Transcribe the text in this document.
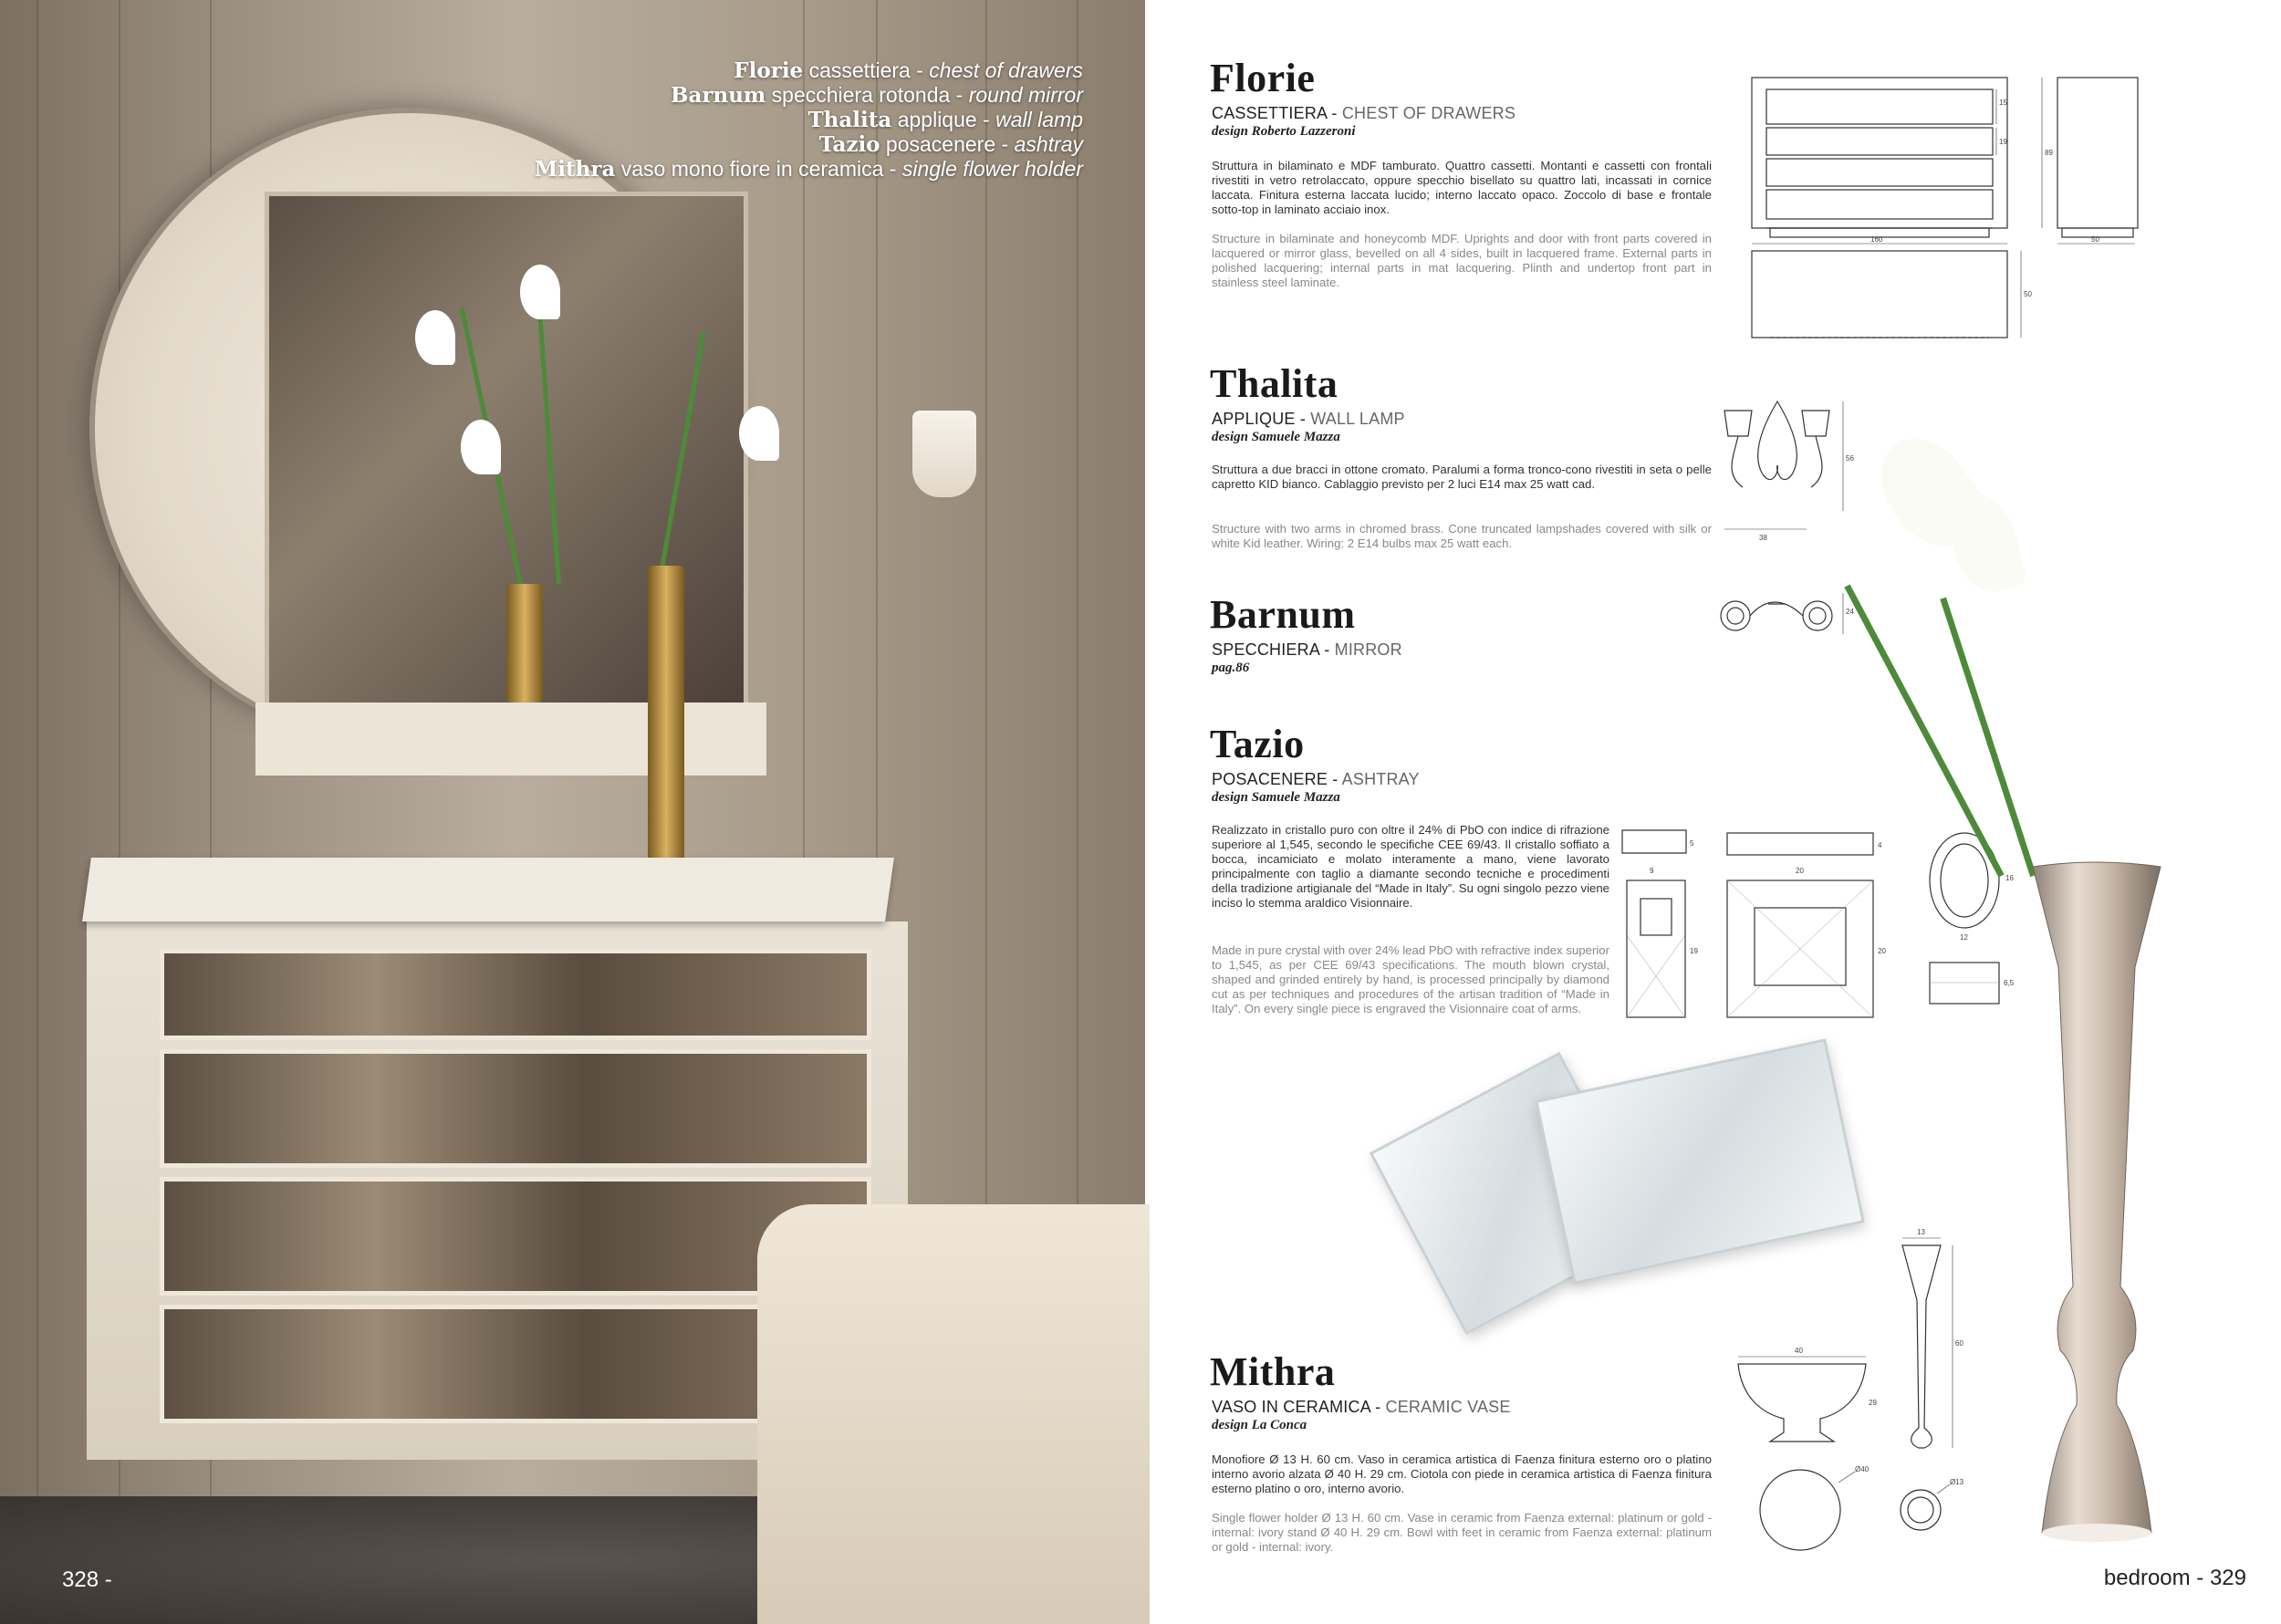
Florie cassettiera - chest of drawers
Barnum specchiera rotonda - round mirror
Thalita applique - wall lamp
Tazio posacenere - ashtray
Mithra vaso mono fiore in ceramica - single flower holder
328 -
Florie
CASSETTIERA - CHEST OF DRAWERS
design Roberto Lazzeroni
Struttura in bilaminato e MDF tamburato. Quattro cassetti. Montanti e cassetti con frontali rivestiti in vetro retrolaccato, oppure specchio bisellato su quattro lati, incassati in cornice laccata. Finitura esterna laccata lucido; interno laccato opaco. Zoccolo di base e frontale sotto-top in laminato acciaio inox.
Structure in bilaminate and honeycomb MDF. Uprights and door with front parts covered in lacquered or mirror glass, bevelled on all 4 sides, built in lacquered frame. External parts in polished lacquering; internal parts in mat lacquering. Plinth and undertop front part in stainless steel laminate.
160	50
89
50
15
19
Thalita
APPLIQUE - WALL LAMP
design Samuele Mazza
Struttura a due bracci in ottone cromato. Paralumi a forma tronco-cono rivestiti in seta o pelle capretto KID bianco. Cablaggio previsto per 2 luci E14 max 25 watt cad.
Structure with two arms in chromed brass. Cone truncated lampshades covered with silk or white Kid leather. Wiring: 2 E14 bulbs max 25 watt each.	38
56
24
Barnum
SPECCHIERA - MIRROR
pag.86
Tazio
POSACENERE - ASHTRAY
design Samuele Mazza
Realizzato in cristallo puro con oltre il 24% di PbO con indice di rifrazione superiore al 1,545, secondo le specifiche CEE 69/43. Il cristallo soffiato a bocca, incamiciato e molato interamente a mano, viene lavorato principalmente con taglio a diamante secondo tecniche e procedimenti della tradizione artigianale del “Made in Italy”. Su ogni singolo pezzo viene inciso lo stemma araldico Visionnaire.
Made in pure crystal with over 24% lead PbO with refractive index superior to 1,545, as per CEE 69/43 specifications. The mouth blown crystal, shaped and grinded entirely by hand, is processed principally by diamond cut as per techniques and procedures of the artisan tradition of “Made in Italy”. On every single piece is engraved the Visionnaire coat of arms.
9
5
19
20
4
20
16
12
6,5
Mithra
VASO IN CERAMICA - CERAMIC VASE
design La Conca
Monofiore Ø 13 H. 60 cm. Vaso in ceramica artistica di Faenza finitura esterno oro o platino interno avorio alzata Ø 40 H. 29 cm. Ciotola con piede in ceramica artistica di Faenza finitura esterno platino o oro, interno avorio.
Single flower holder Ø 13 H. 60 cm. Vase in ceramic from Faenza external: platinum or gold - internal: ivory stand Ø 40 H. 29 cm. Bowl with feet in ceramic from Faenza external: platinum or gold - internal: ivory.
40
29
Ø40
13
60
Ø13
bedroom - 329
